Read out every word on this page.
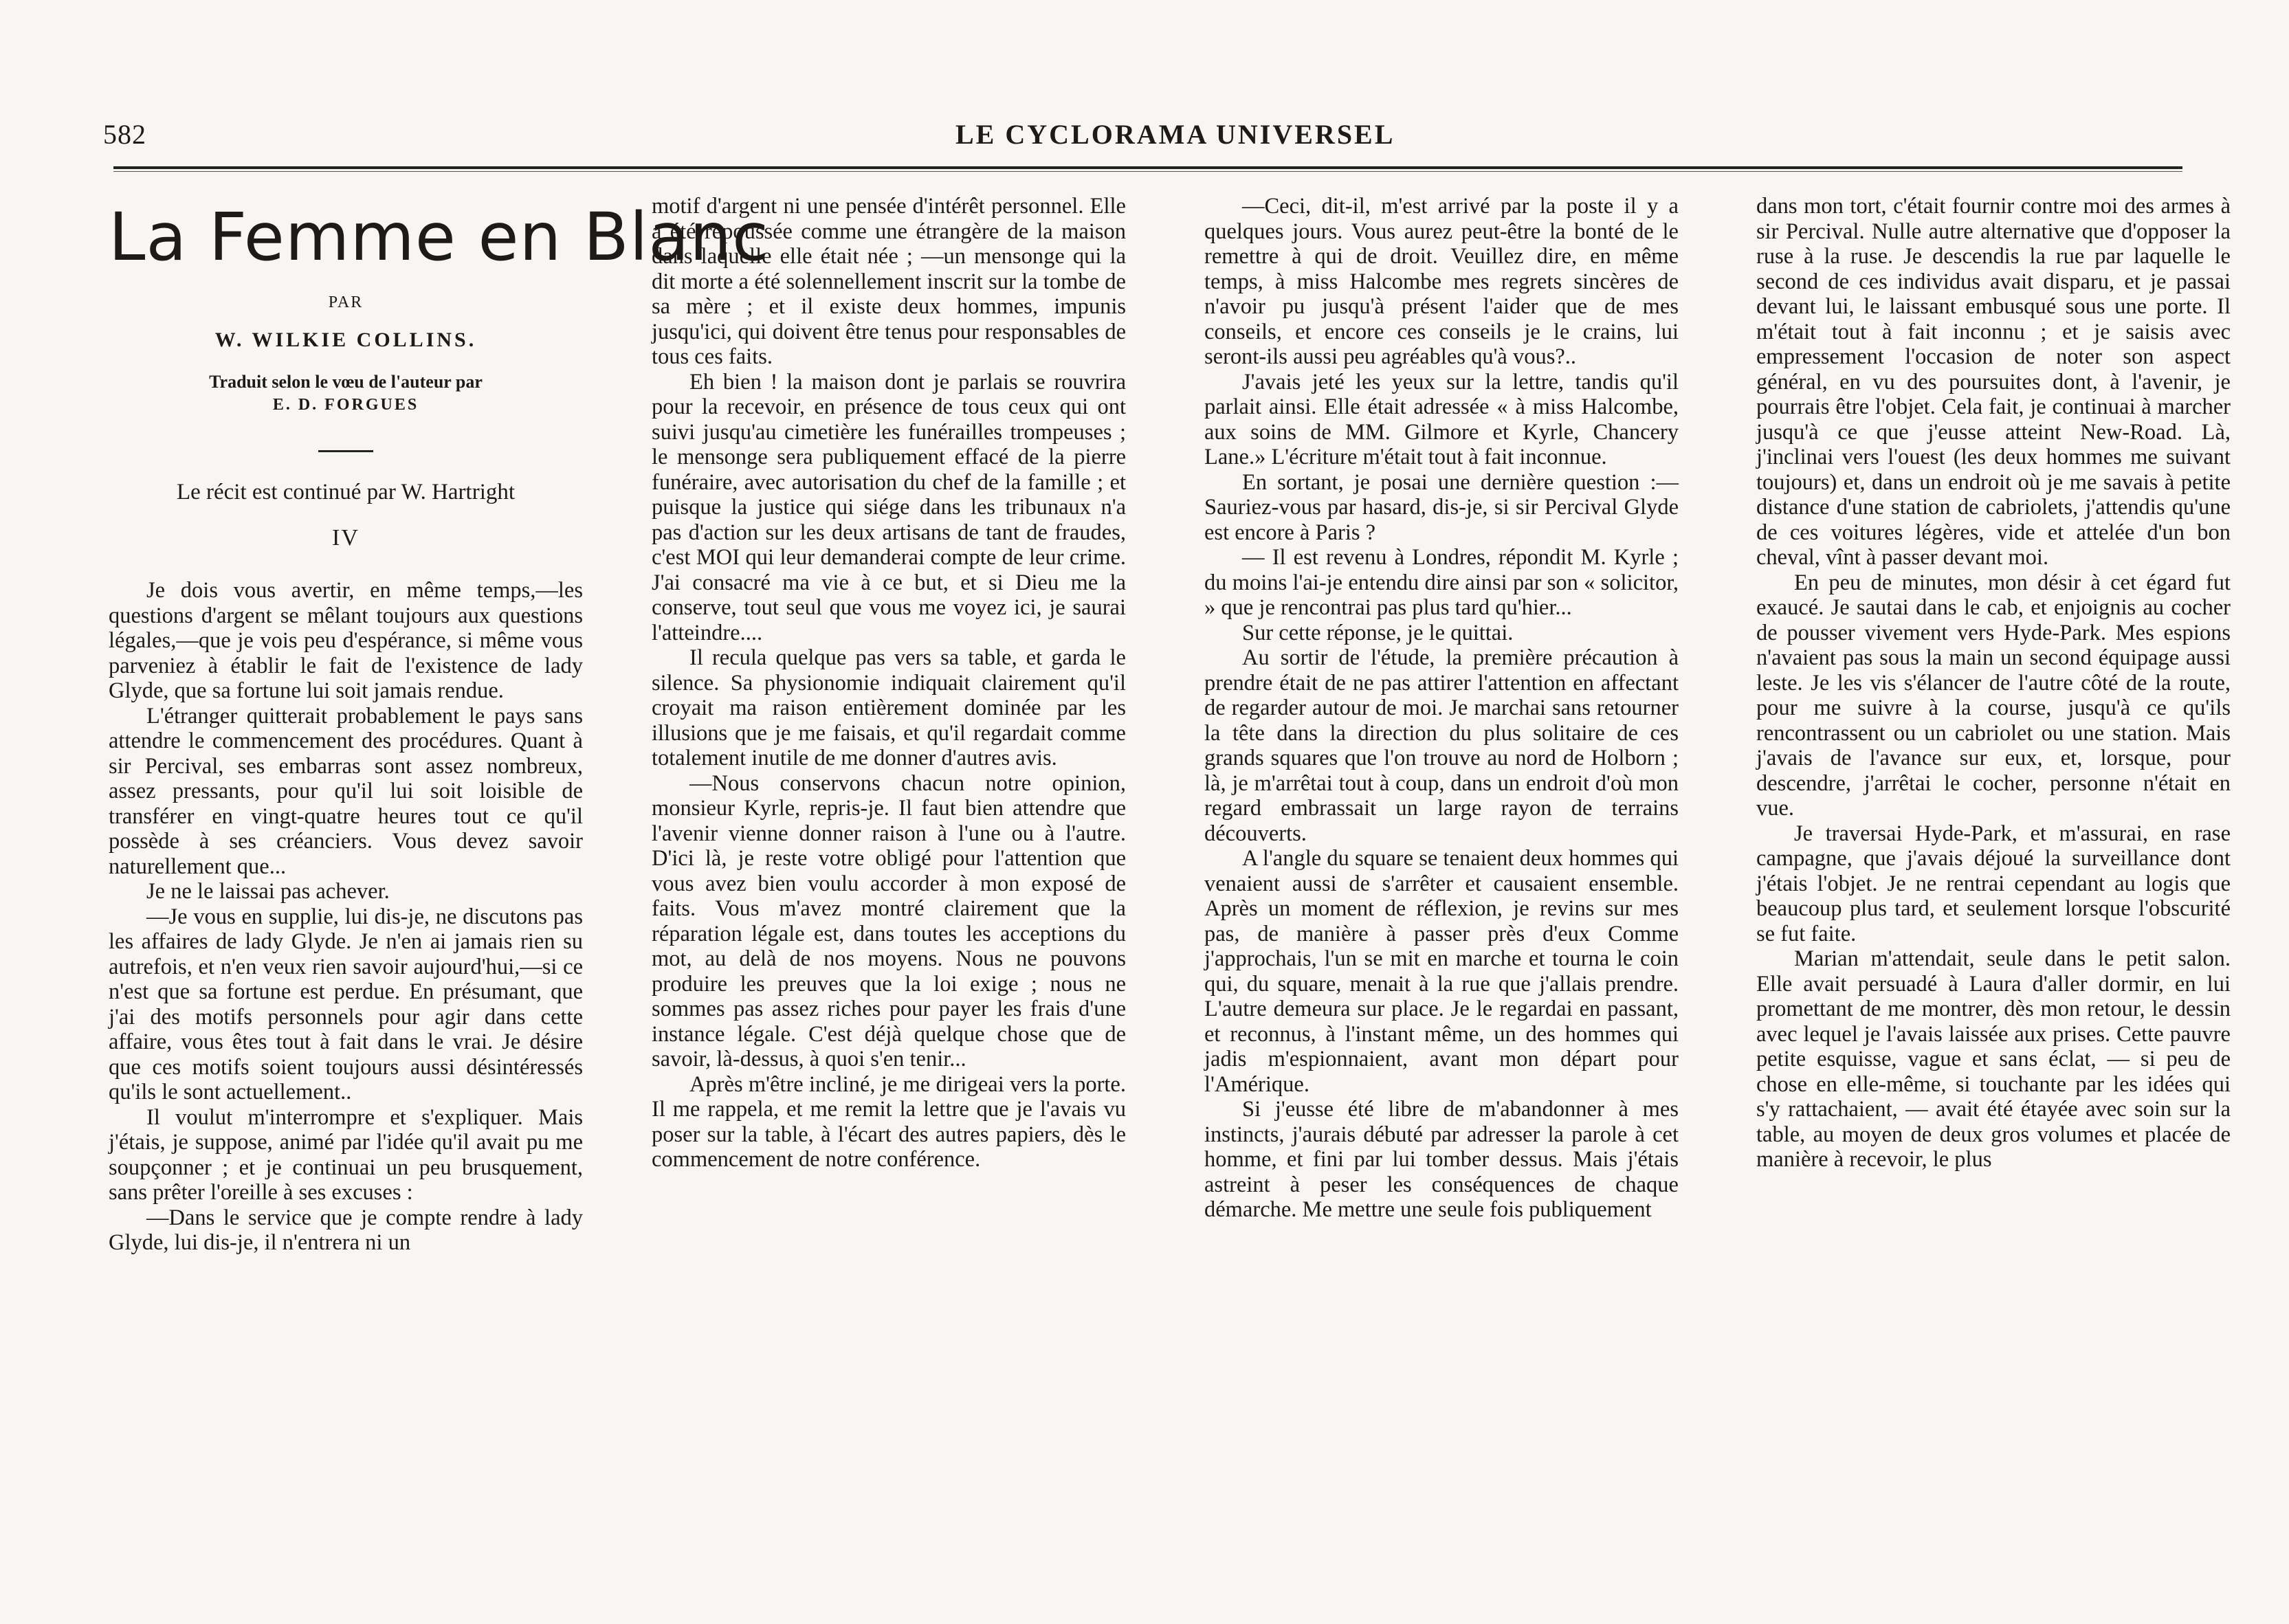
582	LE CYCLORAMA UNIVERSEL
La Femme en Blanc
PAR
W. WILKIE COLLINS.
Traduit selon le vœu de l'auteur par
E. D. FORGUES
Le récit est continué par W. Hartright
IV

Je dois vous avertir, en même temps,—les questions d'argent se mêlant toujours aux questions légales,—que je vois peu d'espérance, si même vous parveniez à établir le fait de l'existence de lady Glyde, que sa fortune lui soit jamais rendue.

L'étranger quitterait probablement le pays sans attendre le commencement des procédures. Quant à sir Percival, ses embarras sont assez nombreux, assez pressants, pour qu'il lui soit loisible de transférer en vingt-quatre heures tout ce qu'il possède à ses créanciers. Vous devez savoir naturellement que...

Je ne le laissai pas achever.

—Je vous en supplie, lui dis-je, ne discutons pas les affaires de lady Glyde. Je n'en ai jamais rien su autrefois, et n'en veux rien savoir aujourd'hui,—si ce n'est que sa fortune est perdue. En présumant, que j'ai des motifs personnels pour agir dans cette affaire, vous êtes tout à fait dans le vrai. Je désire que ces motifs soient toujours aussi désintéressés qu'ils le sont actuellement..

Il voulut m'interrompre et s'expliquer. Mais j'étais, je suppose, animé par l'idée qu'il avait pu me soupçonner ; et je continuai un peu brusquement, sans prêter l'oreille à ses excuses :

—Dans le service que je compte rendre à lady Glyde, lui dis-je, il n'entrera ni un

motif d'argent ni une pensée d'intérêt personnel. Elle a été repoussée comme une étrangère de la maison dans laquelle elle était née ; —un mensonge qui la dit morte a été solennellement inscrit sur la tombe de sa mère ; et il existe deux hommes, impunis jusqu'ici, qui doivent être tenus pour responsables de tous ces faits.

Eh bien ! la maison dont je parlais se rouvrira pour la recevoir, en présence de tous ceux qui ont suivi jusqu'au cimetière les funérailles trompeuses ; le mensonge sera publiquement effacé de la pierre funéraire, avec autorisation du chef de la famille ; et puisque la justice qui siége dans les tribunaux n'a pas d'action sur les deux artisans de tant de fraudes, c'est MOI qui leur demanderai compte de leur crime. J'ai consacré ma vie à ce but, et si Dieu me la conserve, tout seul que vous me voyez ici, je saurai l'atteindre....

Il recula quelque pas vers sa table, et garda le silence. Sa physionomie indiquait clairement qu'il croyait ma raison entièrement dominée par les illusions que je me faisais, et qu'il regardait comme totalement inutile de me donner d'autres avis.

—Nous conservons chacun notre opinion, monsieur Kyrle, repris-je. Il faut bien attendre que l'avenir vienne donner raison à l'une ou à l'autre. D'ici là, je reste votre obligé pour l'attention que vous avez bien voulu accorder à mon exposé de faits. Vous m'avez montré clairement que la réparation légale est, dans toutes les acceptions du mot, au delà de nos moyens. Nous ne pouvons produire les preuves que la loi exige ; nous ne sommes pas assez riches pour payer les frais d'une instance légale. C'est déjà quelque chose que de savoir, là-dessus, à quoi s'en tenir...

Après m'être incliné, je me dirigeai vers la porte. Il me rappela, et me remit la lettre que je l'avais vu poser sur la table, à l'écart des autres papiers, dès le commencement de notre conférence.

—Ceci, dit-il, m'est arrivé par la poste il y a quelques jours. Vous aurez peut-être la bonté de le remettre à qui de droit. Veuillez dire, en même temps, à miss Halcombe mes regrets sincères de n'avoir pu jusqu'à présent l'aider que de mes conseils, et encore ces conseils je le crains, lui seront-ils aussi peu agréables qu'à vous?..

J'avais jeté les yeux sur la lettre, tandis qu'il parlait ainsi. Elle était adressée « à miss Halcombe, aux soins de MM. Gilmore et Kyrle, Chancery Lane.» L'écriture m'était tout à fait inconnue.

En sortant, je posai une dernière question :— Sauriez-vous par hasard, dis-je, si sir Percival Glyde est encore à Paris ?

— Il est revenu à Londres, répondit M. Kyrle ; du moins l'ai-je entendu dire ainsi par son « solicitor, » que je rencontrai pas plus tard qu'hier...

Sur cette réponse, je le quittai.

Au sortir de l'étude, la première précaution à prendre était de ne pas attirer l'attention en affectant de regarder autour de moi. Je marchai sans retourner la tête dans la direction du plus solitaire de ces grands squares que l'on trouve au nord de Holborn ; là, je m'arrêtai tout à coup, dans un endroit d'où mon regard embrassait un large rayon de terrains découverts.

A l'angle du square se tenaient deux hommes qui venaient aussi de s'arrêter et causaient ensemble. Après un moment de réflexion, je revins sur mes pas, de manière à passer près d'eux Comme j'approchais, l'un se mit en marche et tourna le coin qui, du square, menait à la rue que j'allais prendre. L'autre demeura sur place. Je le regardai en passant, et reconnus, à l'instant même, un des hommes qui jadis m'espionnaient, avant mon départ pour l'Amérique.

Si j'eusse été libre de m'abandonner à mes instincts, j'aurais débuté par adresser la parole à cet homme, et fini par lui tomber dessus. Mais j'étais astreint à peser les conséquences de chaque démarche. Me mettre une seule fois publiquement

dans mon tort, c'était fournir contre moi des armes à sir Percival. Nulle autre alternative que d'opposer la ruse à la ruse. Je descendis la rue par laquelle le second de ces individus avait disparu, et je passai devant lui, le laissant embusqué sous une porte. Il m'était tout à fait inconnu ; et je saisis avec empressement l'occasion de noter son aspect général, en vu des poursuites dont, à l'avenir, je pourrais être l'objet. Cela fait, je continuai à marcher jusqu'à ce que j'eusse atteint New-Road. Là, j'inclinai vers l'ouest (les deux hommes me suivant toujours) et, dans un endroit où je me savais à petite distance d'une station de cabriolets, j'attendis qu'une de ces voitures légères, vide et attelée d'un bon cheval, vînt à passer devant moi.

En peu de minutes, mon désir à cet égard fut exaucé. Je sautai dans le cab, et enjoignis au cocher de pousser vivement vers Hyde-Park. Mes espions n'avaient pas sous la main un second équipage aussi leste. Je les vis s'élancer de l'autre côté de la route, pour me suivre à la course, jusqu'à ce qu'ils rencontrassent ou un cabriolet ou une station. Mais j'avais de l'avance sur eux, et, lorsque, pour descendre, j'arrêtai le cocher, personne n'était en vue.

Je traversai Hyde-Park, et m'assurai, en rase campagne, que j'avais déjoué la surveillance dont j'étais l'objet. Je ne rentrai cependant au logis que beaucoup plus tard, et seulement lorsque l'obscurité se fut faite.

Marian m'attendait, seule dans le petit salon. Elle avait persuadé à Laura d'aller dormir, en lui promettant de me montrer, dès mon retour, le dessin avec lequel je l'avais laissée aux prises. Cette pauvre petite esquisse, vague et sans éclat, — si peu de chose en elle-même, si touchante par les idées qui s'y rattachaient, — avait été étayée avec soin sur la table, au moyen de deux gros volumes et placée de manière à recevoir, le plus
